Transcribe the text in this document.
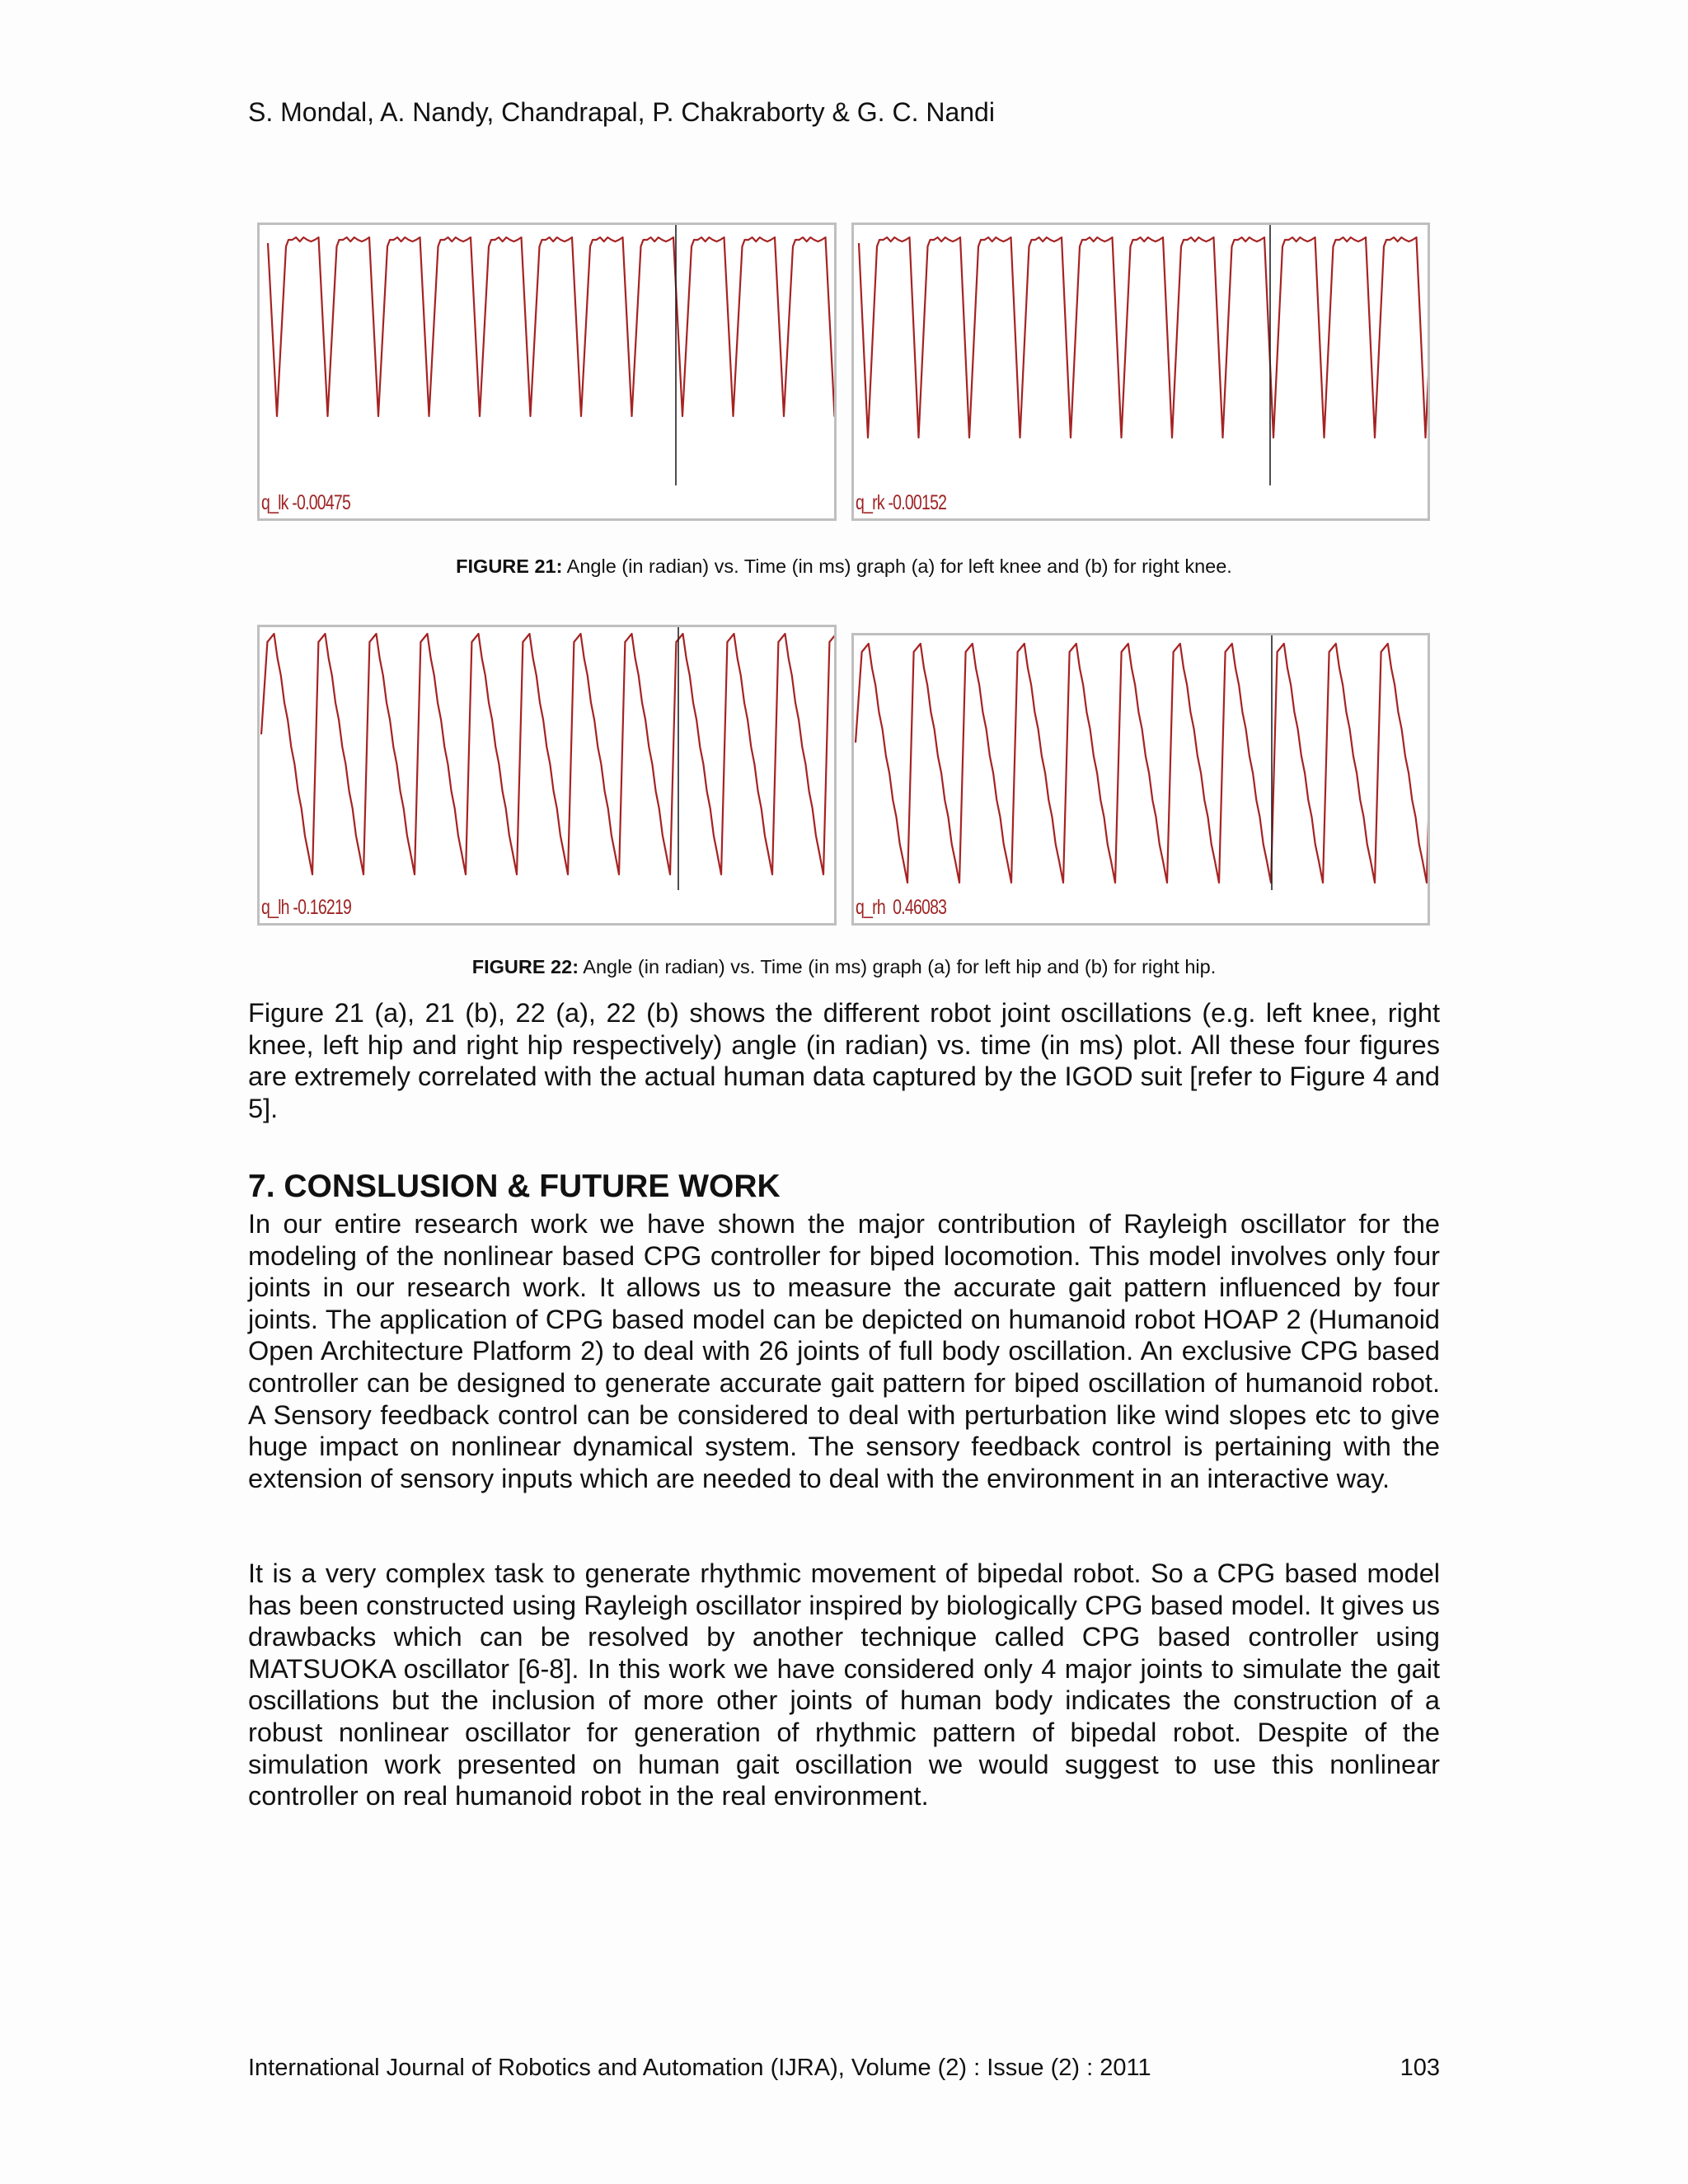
S. Mondal, A. Nandy, Chandrapal, P. Chakraborty & G. C. Nandi
q_lk -0.00475	q_rk -0.00152
FIGURE 21: Angle (in radian) vs. Time (in ms) graph (a) for left knee and (b) for right knee.
q_lh -0.16219	q_rh  0.46083
FIGURE 22: Angle (in radian) vs. Time (in ms) graph (a) for left hip and (b) for right hip.

Figure 21 (a), 21 (b), 22 (a), 22 (b) shows the different robot joint oscillations (e.g. left knee, right knee, left hip and right hip respectively) angle (in radian) vs. time (in ms) plot. All these four figures are extremely correlated with the actual human data captured by the IGOD suit [refer to Figure 4 and 5].

7. CONSLUSION & FUTURE WORK

In our entire research work we have shown the major contribution of Rayleigh oscillator for the modeling of the nonlinear based CPG controller for biped locomotion. This model involves only four joints in our research work. It allows us to measure the accurate gait pattern influenced by four joints. The application of CPG based model can be depicted on humanoid robot HOAP 2 (Humanoid Open Architecture Platform 2) to deal with 26 joints of full body oscillation. An exclusive CPG based controller can be designed to generate accurate gait pattern for biped oscillation of humanoid robot. A Sensory feedback control can be considered to deal with perturbation like wind slopes etc to give huge impact on nonlinear dynamical system. The sensory feedback control is pertaining with the extension of sensory inputs which are needed to deal with the environment in an interactive way.

It is a very complex task to generate rhythmic movement of bipedal robot. So a CPG based model has been constructed using Rayleigh oscillator inspired by biologically CPG based model. It gives us drawbacks which can be resolved by another technique called CPG based controller using MATSUOKA oscillator [6-8]. In this work we have considered only 4 major joints to simulate the gait oscillations but the inclusion of more other joints of human body indicates the construction of a robust nonlinear oscillator for generation of rhythmic pattern of bipedal robot. Despite of the simulation work presented on human gait oscillation we would suggest to use this nonlinear controller on real humanoid robot in the real environment.

International Journal of Robotics and Automation (IJRA), Volume (2) : Issue (2) : 2011	103
